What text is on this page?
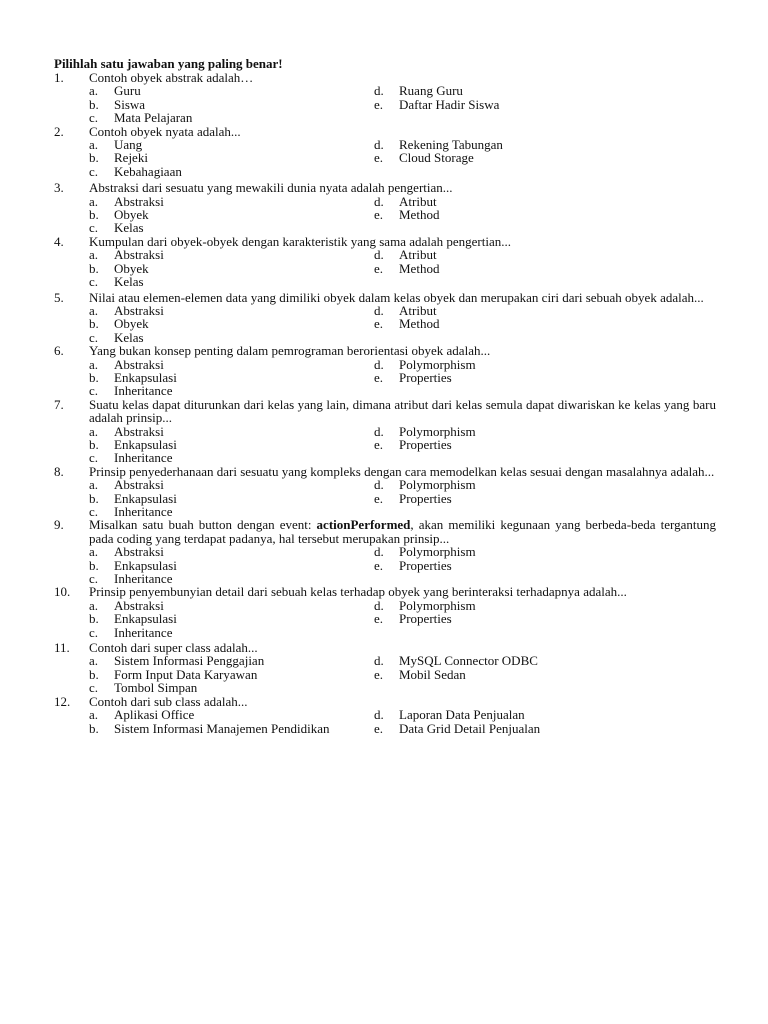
Pilihlah satu jawaban yang paling benar!
1.	Contoh obyek abstrak adalah…
a.	Guru	d.	Ruang Guru
b.	Siswa	e.	Daftar Hadir Siswa
c.	Mata Pelajaran
2.	Contoh obyek nyata adalah...
a.	Uang	d.	Rekening Tabungan
b.	Rejeki	e.	Cloud Storage
c.	Kebahagiaan
3.	Abstraksi dari sesuatu yang mewakili dunia nyata adalah pengertian...
a.	Abstraksi	d.	Atribut
b.	Obyek	e.	Method
c.	Kelas
4.	Kumpulan dari obyek-obyek dengan karakteristik yang sama adalah pengertian...
a.	Abstraksi	d.	Atribut
b.	Obyek	e.	Method
c.	Kelas
5.	Nilai atau elemen-elemen data yang dimiliki obyek dalam kelas obyek dan merupakan ciri dari sebuah obyek adalah...
a.	Abstraksi	d.	Atribut
b.	Obyek	e.	Method
c.	Kelas
6.	Yang bukan konsep penting dalam pemrograman berorientasi obyek adalah...
a.	Abstraksi	d.	Polymorphism
b.	Enkapsulasi	e.	Properties
c.	Inheritance
7.	Suatu kelas dapat diturunkan dari kelas yang lain, dimana atribut dari kelas semula dapat diwariskan ke kelas yang baru adalah prinsip...
a.	Abstraksi	d.	Polymorphism
b.	Enkapsulasi	e.	Properties
c.	Inheritance
8.	Prinsip penyederhanaan dari sesuatu yang kompleks dengan cara memodelkan kelas sesuai dengan masalahnya adalah...
a.	Abstraksi	d.	Polymorphism
b.	Enkapsulasi	e.	Properties
c.	Inheritance
9.	Misalkan satu buah button dengan event: actionPerformed, akan memiliki kegunaan yang berbeda-beda tergantung pada coding yang terdapat padanya, hal tersebut merupakan prinsip...
a.	Abstraksi	d.	Polymorphism
b.	Enkapsulasi	e.	Properties
c.	Inheritance
10.	Prinsip penyembunyian detail dari sebuah kelas terhadap obyek yang berinteraksi terhadapnya adalah...
a.	Abstraksi	d.	Polymorphism
b.	Enkapsulasi	e.	Properties
c.	Inheritance
11.	Contoh dari super class adalah...
a.	Sistem Informasi Penggajian	d.	MySQL Connector ODBC
b.	Form Input Data Karyawan	e.	Mobil Sedan
c.	Tombol Simpan
12.	Contoh dari sub class adalah...
a.	Aplikasi Office	d.	Laporan Data Penjualan
b.	Sistem Informasi Manajemen Pendidikan	e.	Data Grid Detail Penjualan
